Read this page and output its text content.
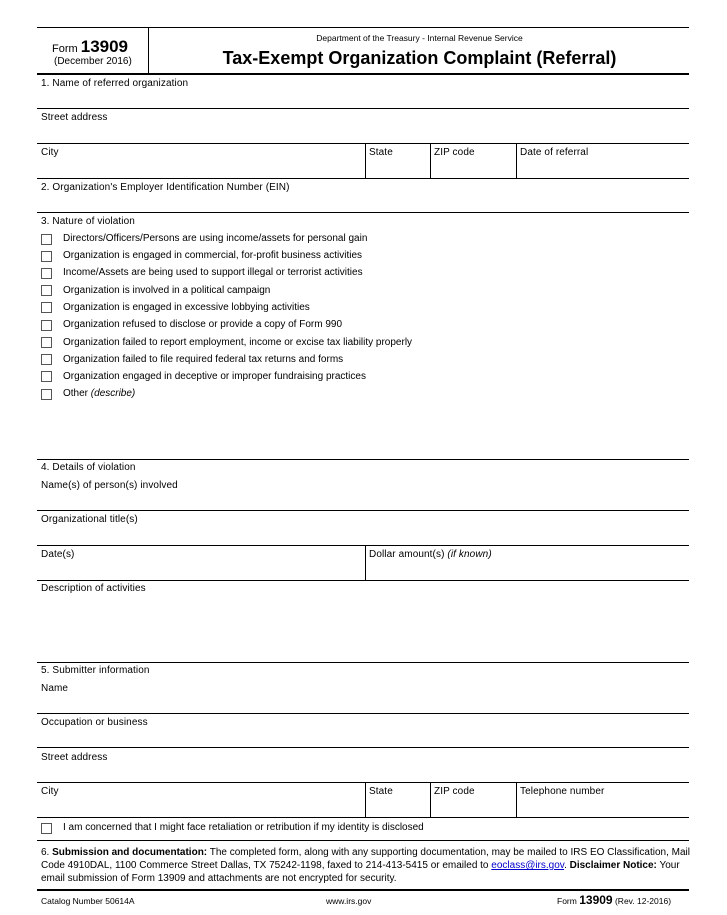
Form 13909
(December 2016)
Department of the Treasury - Internal Revenue Service
Tax-Exempt Organization Complaint (Referral)
1. Name of referred organization
Street address
City	State	ZIP code	Date of referral
2. Organization's Employer Identification Number (EIN)
3. Nature of violation
Directors/Officers/Persons are using income/assets for personal gain
Organization is engaged in commercial, for-profit business activities
Income/Assets are being used to support illegal or terrorist activities
Organization is involved in a political campaign
Organization is engaged in excessive lobbying activities
Organization refused to disclose or provide a copy of Form 990
Organization failed to report employment, income or excise tax liability properly
Organization failed to file required federal tax returns and forms
Organization engaged in deceptive or improper fundraising practices
Other (describe)
4. Details of violation
Name(s) of person(s) involved
Organizational title(s)
Date(s)	Dollar amount(s) (if known)
Description of activities
5. Submitter information
Name
Occupation or business
Street address
City	State	ZIP code	Telephone number
I am concerned that I might face retaliation or retribution if my identity is disclosed
6. Submission and documentation: The completed form, along with any supporting documentation, may be mailed to IRS EO Classification, Mail Code 4910DAL, 1100 Commerce Street Dallas, TX 75242-1198, faxed to 214-413-5415 or emailed to eoclass@irs.gov. Disclaimer Notice: Your email submission of Form 13909 and attachments are not encrypted for security.
Catalog Number 50614A	www.irs.gov	Form 13909 (Rev. 12-2016)
